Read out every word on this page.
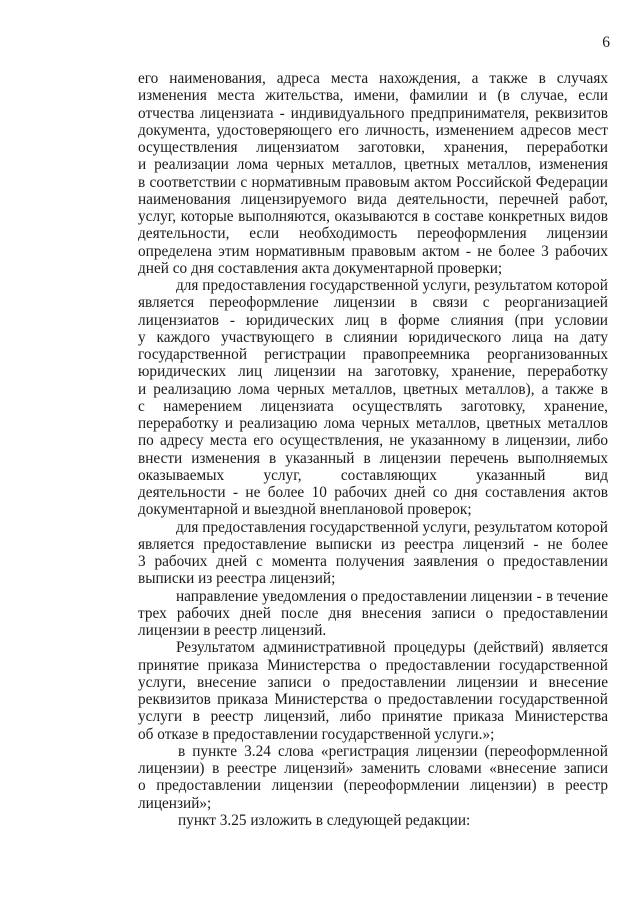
6

его наименования, адреса места нахождения, а также в случаях
изменения места жительства, имени, фамилии и (в случае, если
отчества лицензиата - индивидуального предпринимателя, реквизитов
документа, удостоверяющего его личность, изменением адресов мест
осуществления лицензиатом заготовки, хранения, переработки
и реализации лома черных металлов, цветных металлов, изменения
в соответствии с нормативным правовым актом Российской Федерации
наименования лицензируемого вида деятельности, перечней работ,
услуг, которые выполняются, оказываются в составе конкретных видов
деятельности, если необходимость переоформления лицензии
определена этим нормативным правовым актом - не более 3 рабочих
дней со дня составления акта документарной проверки;

для предоставления государственной услуги, результатом которой
является переоформление лицензии в связи с реорганизацией
лицензиатов - юридических лиц в форме слияния (при условии
у каждого участвующего в слиянии юридического лица на дату
государственной регистрации правопреемника реорганизованных
юридических лиц лицензии на заготовку, хранение, переработку
и реализацию лома черных металлов, цветных металлов), а также в
с намерением лицензиата осуществлять заготовку, хранение,
переработку и реализацию лома черных металлов, цветных металлов
по адресу места его осуществления, не указанному в лицензии, либо
внести изменения в указанный в лицензии перечень выполняемых
оказываемых услуг, составляющих указанный вид
деятельности - не более 10 рабочих дней со дня составления актов
документарной и выездной внеплановой проверок;

для предоставления государственной услуги, результатом которой
является предоставление выписки из реестра лицензий - не более
3 рабочих дней с момента получения заявления о предоставлении
выписки из реестра лицензий;

направление уведомления о предоставлении лицензии - в течение
трех рабочих дней после дня внесения записи о предоставлении
лицензии в реестр лицензий.

Результатом административной процедуры (действий) является
принятие приказа Министерства о предоставлении государственной
услуги, внесение записи о предоставлении лицензии и внесение
реквизитов приказа Министерства о предоставлении государственной
услуги в реестр лицензий, либо принятие приказа Министерства
об отказе в предоставлении государственной услуги.»;

в пункте 3.24 слова «регистрация лицензии (переоформленной
лицензии) в реестре лицензий» заменить словами «внесение записи
о предоставлении лицензии (переоформлении лицензии) в реестр
лицензий»;

пункт 3.25 изложить в следующей редакции:
